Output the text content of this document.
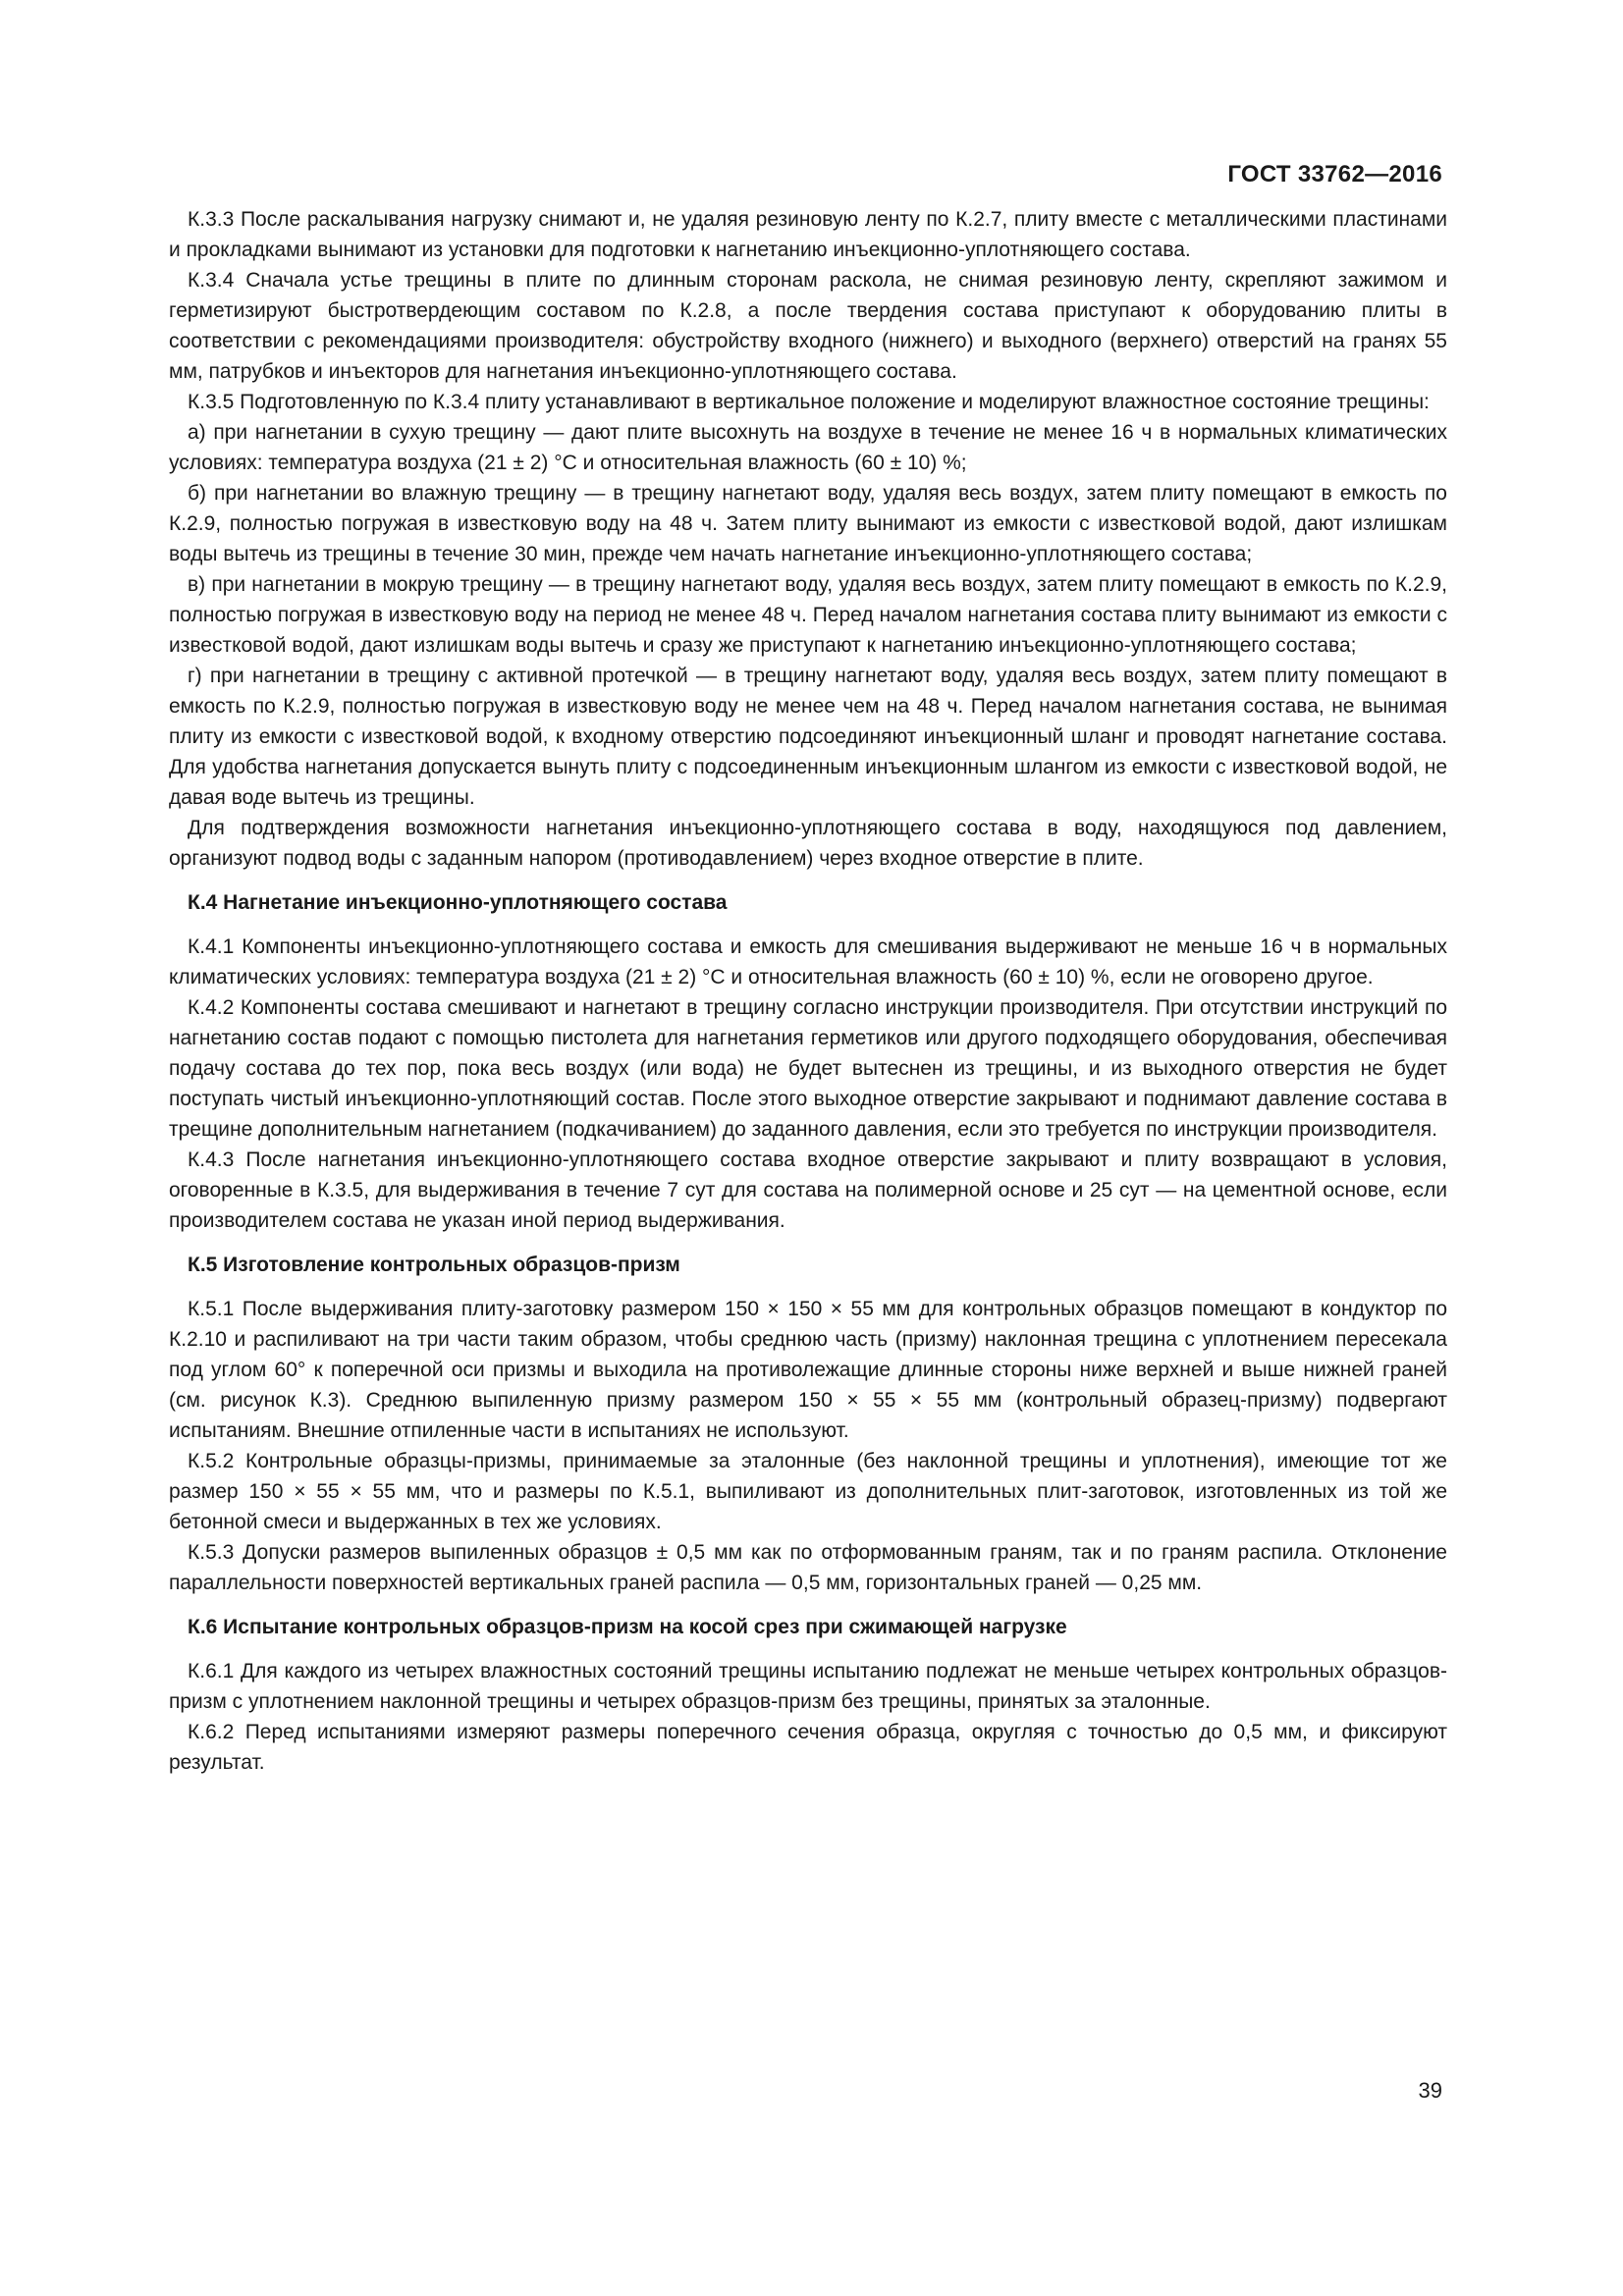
ГОСТ 33762—2016

К.3.3 После раскалывания нагрузку снимают и, не удаляя резиновую ленту по К.2.7, плиту вместе с металлическими пластинами и прокладками вынимают из установки для подготовки к нагнетанию инъекционно-уплотняющего состава.

К.3.4 Сначала устье трещины в плите по длинным сторонам раскола, не снимая резиновую ленту, скрепляют зажимом и герметизируют быстротвердеющим составом по К.2.8, а после твердения состава приступают к оборудованию плиты в соответствии с рекомендациями производителя: обустройству входного (нижнего) и выходного (верхнего) отверстий на гранях 55 мм, патрубков и инъекторов для нагнетания инъекционно-уплотняющего состава.

К.3.5 Подготовленную по К.3.4 плиту устанавливают в вертикальное положение и моделируют влажностное состояние трещины:

а) при нагнетании в сухую трещину — дают плите высохнуть на воздухе в течение не менее 16 ч в нормальных климатических условиях: температура воздуха (21 ± 2) °С и относительная влажность (60 ± 10) %;

б) при нагнетании во влажную трещину — в трещину нагнетают воду, удаляя весь воздух, затем плиту помещают в емкость по К.2.9, полностью погружая в известковую воду на 48 ч. Затем плиту вынимают из емкости с известковой водой, дают излишкам воды вытечь из трещины в течение 30 мин, прежде чем начать нагнетание инъекционно-уплотняющего состава;

в) при нагнетании в мокрую трещину — в трещину нагнетают воду, удаляя весь воздух, затем плиту помещают в емкость по К.2.9, полностью погружая в известковую воду на период не менее 48 ч. Перед началом нагнетания состава плиту вынимают из емкости с известковой водой, дают излишкам воды вытечь и сразу же приступают к нагнетанию инъекционно-уплотняющего состава;

г) при нагнетании в трещину с активной протечкой — в трещину нагнетают воду, удаляя весь воздух, затем плиту помещают в емкость по К.2.9, полностью погружая в известковую воду не менее чем на 48 ч. Перед началом нагнетания состава, не вынимая плиту из емкости с известковой водой, к входному отверстию подсоединяют инъекционный шланг и проводят нагнетание состава. Для удобства нагнетания допускается вынуть плиту с подсоединенным инъекционным шлангом из емкости с известковой водой, не давая воде вытечь из трещины.

Для подтверждения возможности нагнетания инъекционно-уплотняющего состава в воду, находящуюся под давлением, организуют подвод воды с заданным напором (противодавлением) через входное отверстие в плите.

К.4 Нагнетание инъекционно-уплотняющего состава

К.4.1 Компоненты инъекционно-уплотняющего состава и емкость для смешивания выдерживают не меньше 16 ч в нормальных климатических условиях: температура воздуха (21 ± 2) °С и относительная влажность (60 ± 10) %, если не оговорено другое.

К.4.2 Компоненты состава смешивают и нагнетают в трещину согласно инструкции производителя. При отсутствии инструкций по нагнетанию состав подают с помощью пистолета для нагнетания герметиков или другого подходящего оборудования, обеспечивая подачу состава до тех пор, пока весь воздух (или вода) не будет вытеснен из трещины, и из выходного отверстия не будет поступать чистый инъекционно-уплотняющий состав. После этого выходное отверстие закрывают и поднимают давление состава в трещине дополнительным нагнетанием (подкачиванием) до заданного давления, если это требуется по инструкции производителя.

К.4.3 После нагнетания инъекционно-уплотняющего состава входное отверстие закрывают и плиту возвращают в условия, оговоренные в К.3.5, для выдерживания в течение 7 сут для состава на полимерной основе и 25 сут — на цементной основе, если производителем состава не указан иной период выдерживания.

К.5 Изготовление контрольных образцов-призм

К.5.1 После выдерживания плиту-заготовку размером 150 × 150 × 55 мм для контрольных образцов помещают в кондуктор по К.2.10 и распиливают на три части таким образом, чтобы среднюю часть (призму) наклонная трещина с уплотнением пересекала под углом 60° к поперечной оси призмы и выходила на противолежащие длинные стороны ниже верхней и выше нижней граней (см. рисунок К.3). Среднюю выпиленную призму размером 150 × 55 × 55 мм (контрольный образец-призму) подвергают испытаниям. Внешние отпиленные части в испытаниях не используют.

К.5.2 Контрольные образцы-призмы, принимаемые за эталонные (без наклонной трещины и уплотнения), имеющие тот же размер 150 × 55 × 55 мм, что и размеры по К.5.1, выпиливают из дополнительных плит-заготовок, изготовленных из той же бетонной смеси и выдержанных в тех же условиях.

К.5.3 Допуски размеров выпиленных образцов ± 0,5 мм как по отформованным граням, так и по граням распила. Отклонение параллельности поверхностей вертикальных граней распила — 0,5 мм, горизонтальных граней — 0,25 мм.

К.6 Испытание контрольных образцов-призм на косой срез при сжимающей нагрузке

К.6.1 Для каждого из четырех влажностных состояний трещины испытанию подлежат не меньше четырех контрольных образцов-призм с уплотнением наклонной трещины и четырех образцов-призм без трещины, принятых за эталонные.

К.6.2 Перед испытаниями измеряют размеры поперечного сечения образца, округляя с точностью до 0,5 мм, и фиксируют результат.

39
